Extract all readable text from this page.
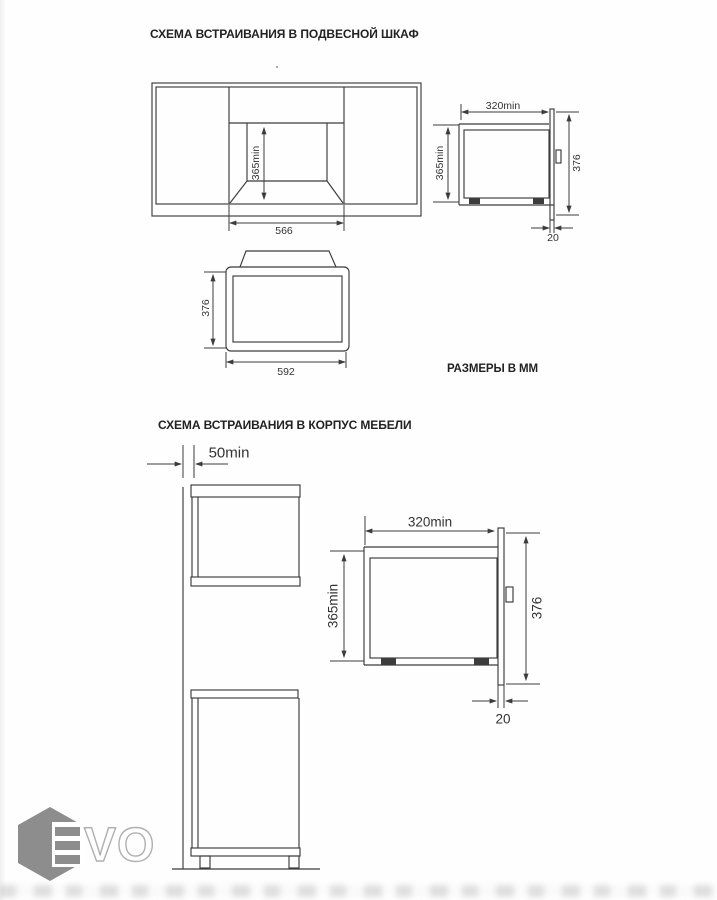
VO
СХЕМА ВСТРАИВАНИЯ В ПОДВЕСНОЙ ШКАФ
365min
566
320min
365min	376
20
376
592	РАЗМЕРЫ В ММ
СХЕМА ВСТРАИВАНИЯ В КОРПУС МЕБЕЛИ
50min
320min
365min	376
20
